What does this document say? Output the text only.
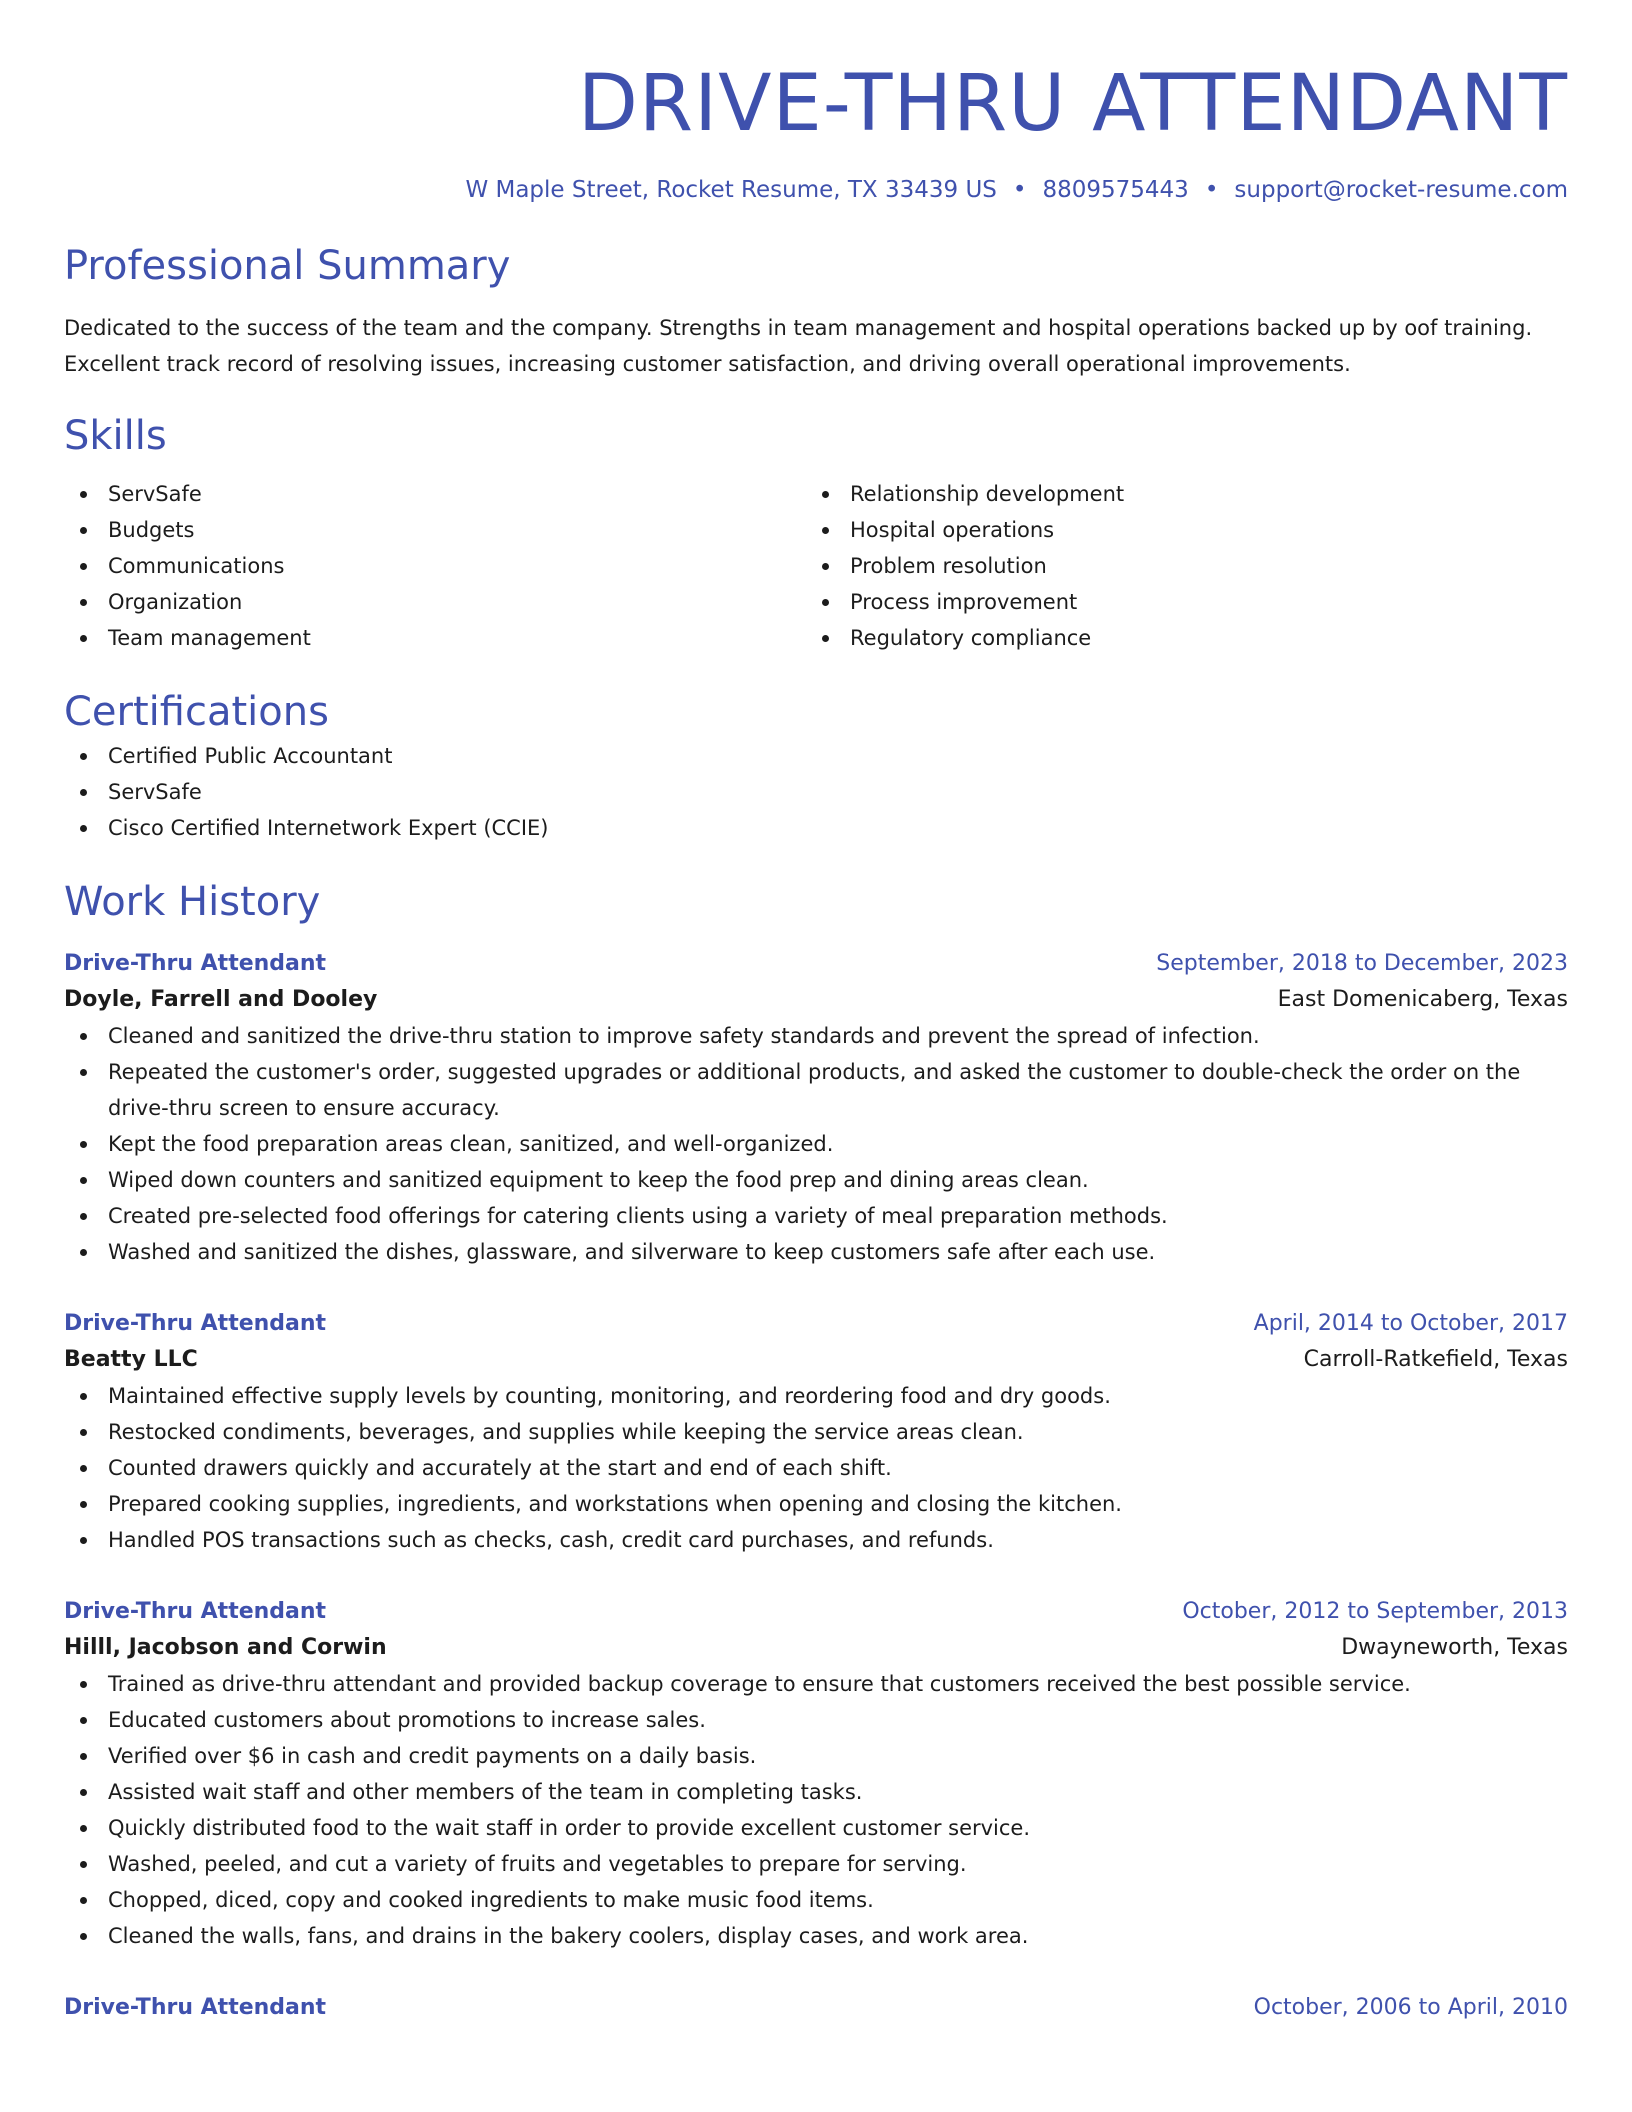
DRIVE-THRU ATTENDANT
W Maple Street, Rocket Resume, TX 33439 US • 8809575443 • support@rocket-resume.com
Professional Summary

Dedicated to the success of the team and the company. Strengths in team management and hospital operations backed up by oof training. Excellent track record of resolving issues, increasing customer satisfaction, and driving overall operational improvements.

Skills
ServSafe
Budgets
Communications
Organization
Team management
Relationship development
Hospital operations
Problem resolution
Process improvement
Regulatory compliance
Certifications
Certified Public Accountant
ServSafe
Cisco Certified Internetwork Expert (CCIE)
Work History
Drive-Thru Attendant	September, 2018 to December, 2023
Doyle, Farrell and Dooley	East Domenicaberg, Texas
Cleaned and sanitized the drive-thru station to improve safety standards and prevent the spread of infection.
Repeated the customer's order, suggested upgrades or additional products, and asked the customer to double-check the order on the drive-thru screen to ensure accuracy.
Kept the food preparation areas clean, sanitized, and well-organized.
Wiped down counters and sanitized equipment to keep the food prep and dining areas clean.
Created pre-selected food offerings for catering clients using a variety of meal preparation methods.
Washed and sanitized the dishes, glassware, and silverware to keep customers safe after each use.
Drive-Thru Attendant	April, 2014 to October, 2017
Beatty LLC	Carroll-Ratkefield, Texas
Maintained effective supply levels by counting, monitoring, and reordering food and dry goods.
Restocked condiments, beverages, and supplies while keeping the service areas clean.
Counted drawers quickly and accurately at the start and end of each shift.
Prepared cooking supplies, ingredients, and workstations when opening and closing the kitchen.
Handled POS transactions such as checks, cash, credit card purchases, and refunds.
Drive-Thru Attendant	October, 2012 to September, 2013
Hilll, Jacobson and Corwin	Dwayneworth, Texas
Trained as drive-thru attendant and provided backup coverage to ensure that customers received the best possible service.
Educated customers about promotions to increase sales.
Verified over $6 in cash and credit payments on a daily basis.
Assisted wait staff and other members of the team in completing tasks.
Quickly distributed food to the wait staff in order to provide excellent customer service.
Washed, peeled, and cut a variety of fruits and vegetables to prepare for serving.
Chopped, diced, copy and cooked ingredients to make music food items.
Cleaned the walls, fans, and drains in the bakery coolers, display cases, and work area.
Drive-Thru Attendant	October, 2006 to April, 2010
